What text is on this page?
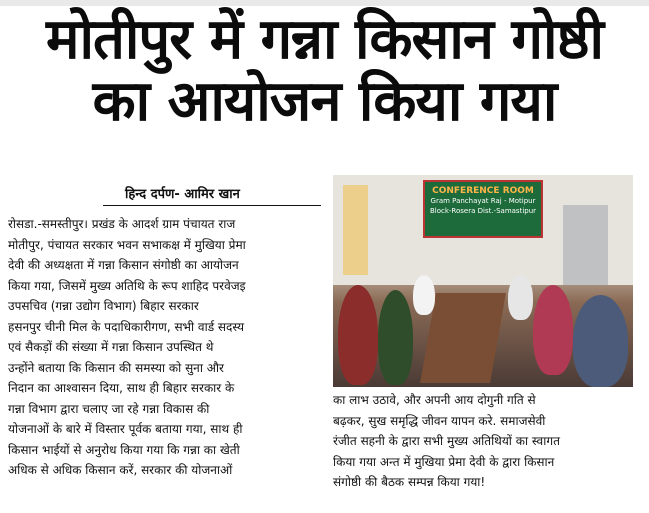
मोतीपुर में गन्ना किसान गोष्ठी
का आयोजन किया गया
हिन्द दर्पण- आमिर खान	CONFERENCE ROOM
Gram Panchayat Raj - Motipur
Block-Rosera Dist.-Samastipur
रोसडा.-समस्तीपुर। प्रखंड के आदर्श ग्राम पंचायत राज
मोतीपुर, पंचायत सरकार भवन सभाकक्ष में मुखिया प्रेमा
देवी की अध्यक्षता में गन्ना किसान संगोष्ठी का आयोजन
किया गया, जिसमें मुख्य अतिथि के रूप शाहिद परवेजइ
उपसचिव (गन्ना उद्योग विभाग) बिहार सरकार
हसनपुर चीनी मिल के पदाधिकारीगण, सभी वार्ड सदस्य
एवं सैकड़ों की संख्या में गन्ना किसान उपस्थित थे
उन्होंने बताया कि किसान की समस्या को सुना और
निदान का आश्वासन दिया, साथ ही बिहार सरकार के
गन्ना विभाग द्वारा चलाए जा रहे गन्ना विकास की
योजनाओं के बारे में विस्तार पूर्वक बताया गया, साथ ही
किसान भाईयों से अनुरोध किया गया कि गन्ना का खेती
अधिक से अधिक किसान करें, सरकार की योजनाओं
का लाभ उठावे, और अपनी आय दोगुनी गति से
बढ़कर, सुख समृद्धि जीवन यापन करे. समाजसेवी
रंजीत सहनी के द्वारा सभी मुख्य अतिथियों का स्वागत
किया गया अन्त में मुखिया प्रेमा देवी के द्वारा किसान
संगोष्ठी की बैठक सम्पन्न किया गया!
